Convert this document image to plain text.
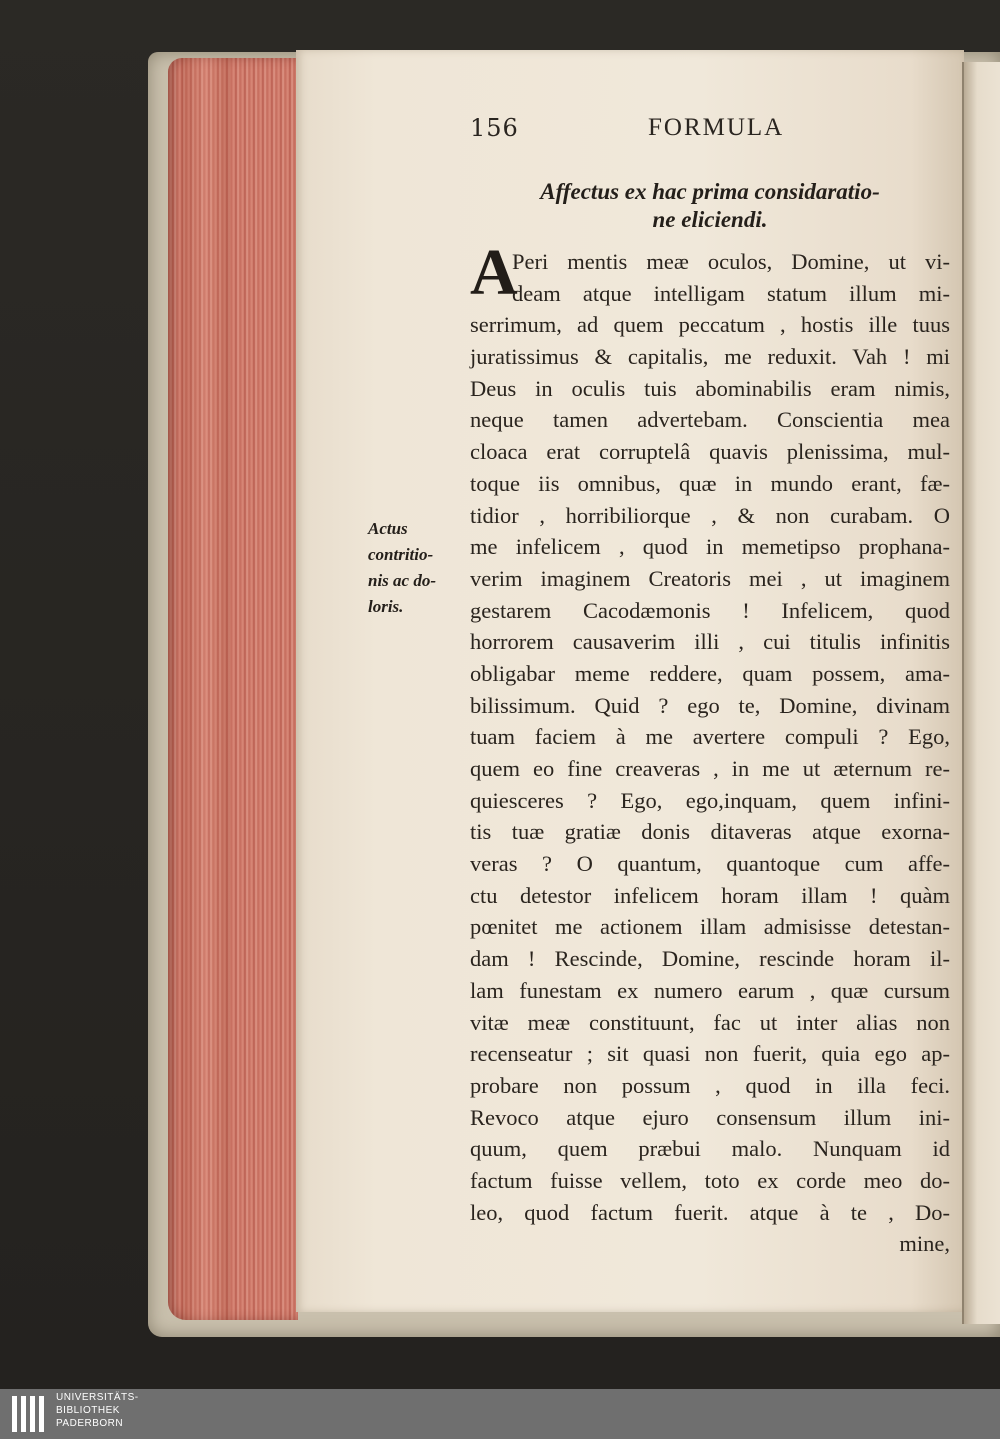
156	FORMULA
Affectus ex hac prima considaratio-
ne eliciendi.
A
Peri mentis meæ oculos, Domine, ut vi-
deam atque intelligam statum illum mi-
serrimum, ad quem peccatum , hostis ille tuus
juratissimus & capitalis, me reduxit. Vah ! mi
Deus in oculis tuis abominabilis eram nimis,
neque tamen advertebam. Conscientia mea
cloaca erat corruptelâ quavis plenissima, mul-
toque iis omnibus, quæ in mundo erant, fæ-
tidior , horribiliorque , & non curabam. O
me infelicem , quod in memetipso prophana-
verim imaginem Creatoris mei , ut imaginem
gestarem Cacodæmonis ! Infelicem, quod
horrorem causaverim illi , cui titulis infinitis
obligabar meme reddere, quam possem, ama-
bilissimum. Quid ? ego te, Domine, divinam
tuam faciem à me avertere compuli ? Ego,
quem eo fine creaveras , in me ut æternum re-
quiesceres ? Ego, ego,inquam, quem infini-
tis tuæ gratiæ donis ditaveras atque exorna-
veras ? O quantum, quantoque cum affe-
ctu detestor infelicem horam illam ! quàm
pœnitet me actionem illam admisisse detestan-
dam ! Rescinde, Domine, rescinde horam il-
lam funestam ex numero earum , quæ cursum
vitæ meæ constituunt, fac ut inter alias non
recenseatur ; sit quasi non fuerit, quia ego ap-
probare non possum , quod in illa feci.
Revoco atque ejuro consensum illum ini-
quum, quem præbui malo. Nunquam id
factum fuisse vellem, toto ex corde meo do-
leo, quod factum fuerit. atque à te , Do-
mine,
Actus
contritio-
nis ac do-
loris.
UNIVERSITÄTS-
BIBLIOTHEK
PADERBORN
